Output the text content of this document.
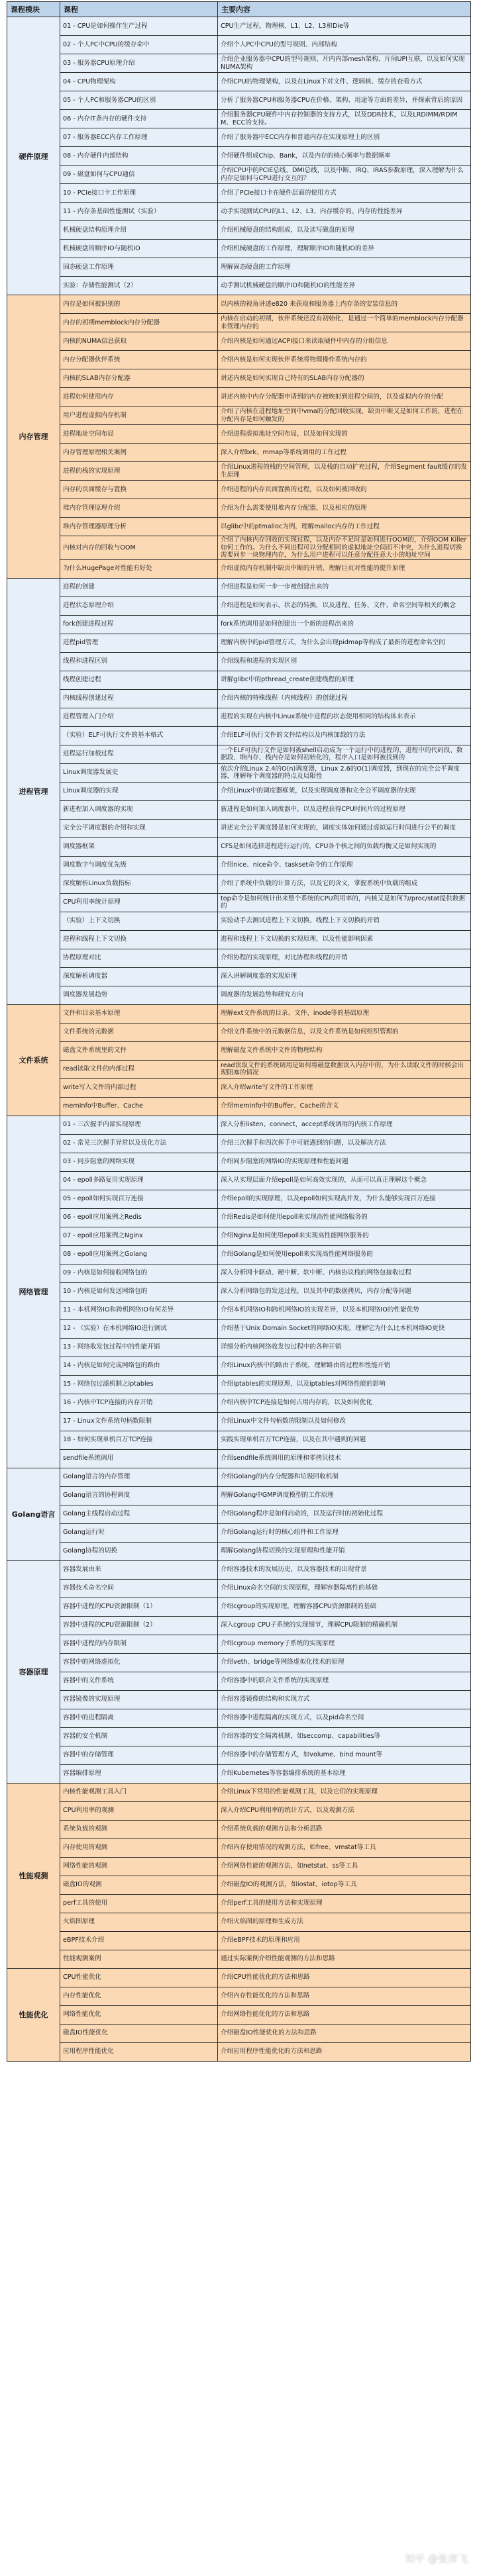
课程模块	课程	主要内容
硬件原理	01 - CPU是如何操作生产过程	CPU生产过程，物理核、L1、L2、L3和Die等
	02 - 个人PC中CPU的缓存命中	介绍个人PC中CPU的型号规则、内部结构
	03 - 服务器CPU原理介绍	介绍企业服务器中CPU的型号规则、片内内部mesh架构、片间UPI互联，以及如何实现NUMA架构
	04 - CPU物理架构	介绍CPU的物理架构，以及在Linux下对文件、逻辑核、缓存的查看方式
	05 - 个人PC和服务器CPU的区别	分析了服务器CPU和服务器CPU在价格、架构、用途等方面的差异，并探索背后的原因
	06 - 内存IT条内存的硬件支持	介绍服务器CPU硬件中内存控制器的支持方式，以及DDR技术，以及LRDIMM/RDIMM、ECC的支持。
	07 - 服务器ECC内存工作原理	介绍了服务器中ECC内存和普通内存在实现原理上的区别
	08 - 内存硬件内部结构	介绍硬件组成Chip、Bank，以及内存的核心频率与数据频率
	09 - 磁盘如何与CPU通信	介绍CPU中的PCIE总线、DMI总线，以及中断、IRQ、IRAS参数原理，深入理解为什么内存是如何与CPU进行交互的？
	10 - PCIe接口卡工作原理	介绍了PCIe接口卡在硬件层面的使用方式
	11 - 内存条基础性能测试（实验）	动手实现测试CPU的L1、L2、L3、内存缓存的、内存的性能差异
	机械硬盘结构原理介绍	介绍机械硬盘的结构组成，以及读写磁盘的原理
	机械硬盘的顺序IO与随机IO	介绍机械硬盘的工作原理，理解顺序IO和随机IO的差异
	固态硬盘工作原理	理解固态硬盘的工作原理
	实验：存储性能测试（2）	动手测试机械硬盘的顺序IO和随机IO的性能差异
内存管理	内存是如何被识别的	以内核的视角讲述e820 来获取和服务器上内存条的安装信息的
	内存的初期memblock内存分配器	内核在启动的初期，伙伴系统还没有初始化，是通过一个简单的memblock内存分配器来管理内存的
	内核的NUMA信息获取	介绍内核是如何通过ACPI接口来读取硬件中内存的分组信息
	内存分配器伙伴系统	介绍内核是如何实现伙伴系统将物理操作系统内存的
	内核的SLAB内存分配器	讲述内核是如何实现自己特有的SLAB内存分配器的
	进程如何使用内存	讲述内核中内存分配器申请到的内存被映射到进程空间的，以及虚拟内存的分配
	用户进程虚拟内存机制	介绍了内核在进程地址空间中vma的分配回收实现，缺页中断又是如何工作的，进程在分配内存是如何触发的
	进程地址空间布局	介绍进程虚拟地址空间布局，以及如何实现的
	内存管理原理相关案例	深入介绍brk、mmap等系统调用的工作过程
	进程的栈的实现原理	介绍Linux进程的栈的空间管理，以及栈的自动扩充过程，介绍Segment fault缓存的发生原理
	内存的页面缓存与置换	介绍进程的内存页面置换的过程，以及如何被回收的
	堆内存管理原理介绍	介绍为什么需要使用堆内存分配器，以及相应的原理
	堆内存管理器原理分析	以glibc中的ptmalloc为例，理解malloc内存的工作过程
	内核对内存的回收与OOM	介绍了内核内存回收的实现过程，以及内存不足时是如何进行OOM的，介绍OOM Killer如何工作的。为什么不同进程可以分配相同的虚拟地址空间而不冲突，为什么进程切换需要同步一块物理内存，为什么用户进程可以任意分配任意大小的地址空间
	为什么HugePage对性能有好处	介绍虚拟内存机制中缺页中断的开销，理解巨页对性能的提升原理
进程管理	进程的创建	介绍进程是如何一步一步被创建出来的
	进程状态原理介绍	介绍进程是如何表示、状态的转换，以及进程、任务、文件、命名空间等相关的概念
	fork创建进程过程	fork系统调用是如何创建出一个新的进程出来的
	进程pid管理	理解内核中的pid管理方式，为什么会出现pidmap等构成了最新的进程命名空间
	线程和进程区别	介绍线程和进程的实现区别
	线程创建过程	讲解glibc中的pthread_create创建线程的原理
	内核线程创建过程	介绍内核的特殊线程（内核线程）的创建过程
	进程管理入门介绍	进程的实现在内核中Linux系统中进程的状态使用相同的结构体来表示
	（实验）ELF可执行文件的基本格式	介绍ELF可执行文件的文件结构以及内核加载的方法
	进程运行加载过程	一个ELF可执行文件是如何被shell启动成为一个运行中的进程的，进程中的代码段、数据段、堆内存、栈内存是如何初始化的，程序入口是如何被找到的
	Linux调度器发展史	依次介绍Linux 2.4的O(n)调度器，Linux 2.6的O(1)调度器，到现在的完全公平调度器，理解每个调度器的特点及局限性
	Linux调度器的实现	介绍Linux中的调度器框架，以及实现调度器和完全公平调度器的实现
	新进程加入调度器的实现	新进程是如何加入调度器中，以及进程获得CPU时间片的过程原理
	完全公平调度器的介绍和实现	讲述完全公平调度器是如何实现的，调度实体如何通过虚拟运行时间进行公平的调度
	调度器框架	CFS是如何选择进程进行运行的，CPU各个核之间的负载均衡又是如何实现的
	调度数字与调度优先级	介绍nice、nice命令、taskset命令的工作原理
	深度解析Linux负载指标	介绍了系统中负载的计算方法，以及它的含义，掌握系统中负载的组成
	CPU利用率统计原理	top命令是如何统计出来整个系统的CPU利用率的，内核又是如何为/proc/stat提供数据的
	（实验）上下文切换	实验动手去测试进程上下文切换、线程上下文切换的开销
	进程和线程上下文切换	进程和线程上下文切换的实现原理，以及性能影响因素
	协程原理对比	介绍协程的实现原理，对比协程和线程的开销
	深度解析调度器	深入讲解调度器的实现原理
	调度器发展趋势	调度器的发展趋势和研究方向
文件系统	文件和目录基本原理	理解ext文件系统的目录、文件、inode等的基础原理
	文件系统的元数据	介绍文件系统中的元数据信息，以及文件系统是如何组织管理的
	磁盘文件系统里的文件	理解磁盘文件系统中文件的物理结构
	read读取文件的内部过程	read读取文件的系统调用是如何将磁盘数据读入内存中的，为什么读取文件的时候会出现阻塞的情况
	write写入文件的内部过程	深入介绍write写文件的工作原理
	memInfo中Buffer、Cache	介绍meminfo中的Buffer、Cache的含义
网络管理	01 - 三次握手内部实现原理	深入分析listen、connect、accept系统调用的内核工作原理
	02 - 常见三次握手异常以及优化方法	介绍三次握手和四次挥手中可能遇到的问题，以及解决方法
	03 - 同步阻塞的网络实现	介绍同步阻塞的网络IO的实现原理和性能问题
	04 - epoll多路复用实现原理	深入从实现层面介绍epoll是如何高效实现的，从而可以真正理解这个概念
	05 - epoll如何实现百万连接	介绍epoll的实现原理，以及epoll如何实现高并发，为什么能够实现百万连接
	06 - epoll应用案例之Redis	介绍Redis是如何使用epoll来实现高性能网络服务的
	07 - epoll应用案例之Nginx	介绍Nginx是如何使用epoll来实现高性能网络服务的
	08 - epoll应用案例之Golang	介绍Golang是如何使用epoll来实现高性能网络服务的
	09 - 内核是如何接收网络包的	深入分析网卡驱动、硬中断、软中断、内核协议栈的网络包接收过程
	10 - 内核是如何发送网络包的	深入分析网络包的发送过程，以及其中的数据拷贝，内存分配等问题
	11 - 本机网络IO和跨机网络IO有何差异	介绍本机网络IO和跨机网络IO的实现差异，以及本机网络IO的性能优势
	12 - （实验）在本机网络IO进行测试	介绍基于Unix Domain Socket的网络IO实现，理解它为什么比本机网络IO更快
	13 - 网络收发包过程中的性能开销	详细分析内核网络收发包过程中的各种开销
	14 - 内核是如何完成网络包的路由	介绍Linux内核中的路由子系统，理解路由的过程和性能开销
	15 - 网络包过滤机制之iptables	介绍iptables的实现原理，以及iptables对网络性能的影响
	16 - 内核中TCP连接的内存开销	介绍内核中TCP连接是如何占用内存的，以及如何优化
	17 - Linux文件系统句柄数限制	介绍Linux中文件句柄数的限制以及如何修改
	18 - 如何实现单机百万TCP连接	实践实现单机百万TCP连接，以及在其中遇到的问题
	sendfile系统调用	介绍sendfile系统调用的原理和零拷贝技术
Golang语言	Golang语言的内存管理	介绍Golang的内存分配器和垃圾回收机制
	Golang语言的协程调度	理解Golang中GMP调度模型的工作原理
	Golang主线程启动过程	介绍Golang程序是如何启动的，以及运行时的初始化过程
	Golang运行时	介绍Golang运行时的核心组件和工作原理
	Golang协程的切换	理解Golang协程切换的实现原理和性能开销
容器原理	容器发展由来	介绍容器技术的发展历史，以及容器技术的出现背景
	容器技术命名空间	介绍Linux命名空间的实现原理，理解容器隔离性的基础
	容器中进程的CPU资源限制（1）	介绍cgroup的实现原理，理解容器CPU资源限制的基础
	容器中进程的CPU资源限制（2）	深入cgroup CPU子系统的实现细节，理解CPU限制的精确机制
	容器中进程的内存限制	介绍cgroup memory子系统的实现原理
	容器中的网络虚拟化	介绍veth、bridge等网络虚拟化技术的原理
	容器中的文件系统	介绍容器中的联合文件系统的实现原理
	容器镜像的实现原理	介绍容器镜像的结构和实现方式
	容器中的进程隔离	介绍容器中进程隔离的实现方式，以及pid命名空间
	容器的安全机制	介绍容器的安全隔离机制，如seccomp、capabilities等
	容器中的存储管理	介绍容器中的存储管理方式，如volume、bind mount等
	容器编排原理	介绍Kubernetes等容器编排系统的基本原理
性能观测	内核性能观测工具入门	介绍Linux下常用的性能观测工具，以及它们的实现原理
	CPU利用率的观测	深入介绍CPU利用率的统计方式，以及观测方法
	系统负载的观测	介绍系统负载的观测方法和分析思路
	内存使用的观测	介绍内存使用情况的观测方法，如free、vmstat等工具
	网络性能的观测	介绍网络性能的观测方法，如netstat、ss等工具
	磁盘IO的观测	介绍磁盘IO的观测方法，如iostat、iotop等工具
	perf工具的使用	介绍perf工具的使用方法和实现原理
	火焰图原理	介绍火焰图的原理和生成方法
	eBPF技术介绍	介绍eBPF技术的原理和应用
	性能观测案例	通过实际案例介绍性能观测的方法和思路
性能优化	CPU性能优化	介绍CPU性能优化的方法和思路
	内存性能优化	介绍内存性能优化的方法和思路
	网络性能优化	介绍网络性能优化的方法和思路
	磁盘IO性能优化	介绍磁盘IO性能优化的方法和思路
	应用程序性能优化	介绍应用程序性能优化的方法和思路
知乎 @张彦飞
